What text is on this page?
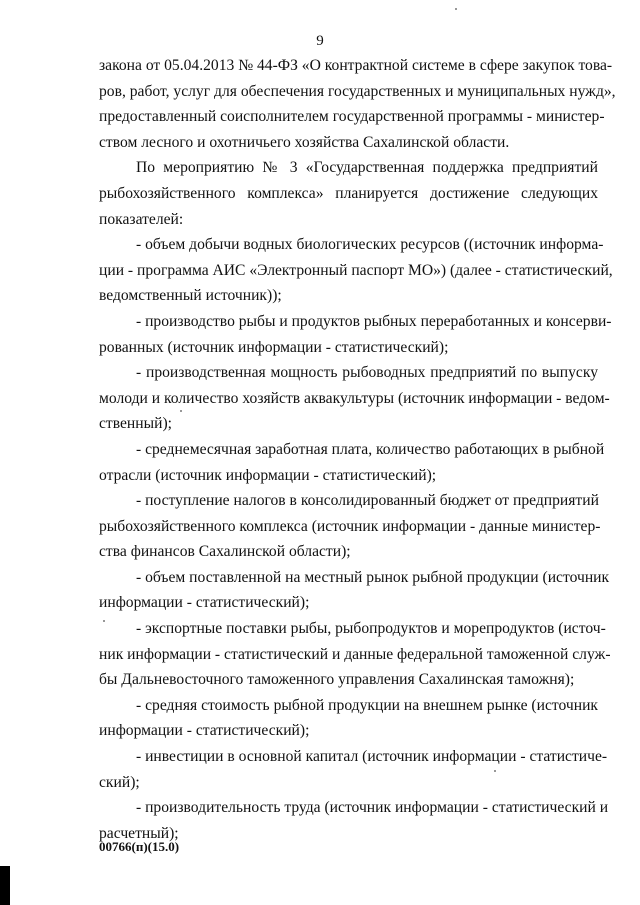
9
закона от 05.04.2013 № 44-ФЗ «О контрактной системе в сфере закупок това-
ров, работ, услуг для обеспечения государственных и муниципальных нужд»,
предоставленный соисполнителем государственной программы - министер-
ством лесного и охотничьего хозяйства Сахалинской области.
По мероприятию № 3 «Государственная поддержка предприятий
рыбохозяйственного комплекса» планируется достижение следующих
показателей:
- объем добычи водных биологических ресурсов ((источник информа-
ции - программа АИС «Электронный паспорт МО») (далее - статистический,
ведомственный источник));
- производство рыбы и продуктов рыбных переработанных и консерви-
рованных (источник информации - статистический);
- производственная мощность рыбоводных предприятий по выпуску
молоди и количество хозяйств аквакультуры (источник информации - ведом-
ственный);
- среднемесячная заработная плата, количество работающих в рыбной
отрасли (источник информации - статистический);
- поступление налогов в консолидированный бюджет от предприятий
рыбохозяйственного комплекса (источник информации - данные министер-
ства финансов Сахалинской области);
- объем поставленной на местный рынок рыбной продукции (источник
информации - статистический);
- экспортные поставки рыбы, рыбопродуктов и морепродуктов (источ-
ник информации - статистический и данные федеральной таможенной служ-
бы Дальневосточного таможенного управления Сахалинская таможня);
- средняя стоимость рыбной продукции на внешнем рынке (источник
информации - статистический);
- инвестиции в основной капитал (источник информации - статистиче-
ский);
- производительность труда (источник информации - статистический и
расчетный);
00766(п)(15.0)
